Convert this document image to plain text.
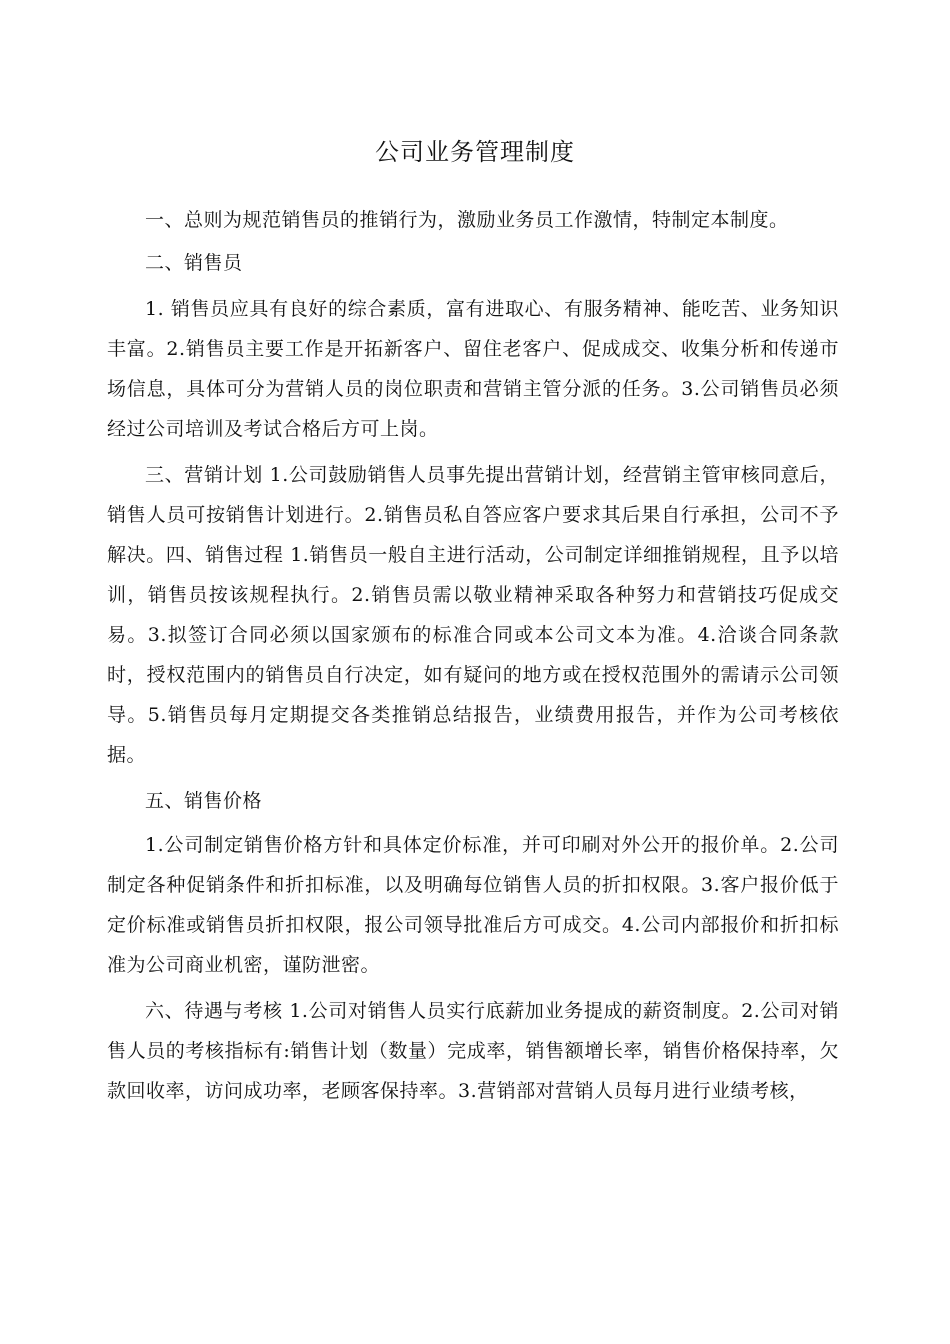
公司业务管理制度

一、总则为规范销售员的推销行为，激励业务员工作激情，特制定本制度。

二、销售员

1. 销售员应具有良好的综合素质，富有进取心、有服务精神、能吃苦、业务知识丰富。2.销售员主要工作是开拓新客户、留住老客户、促成成交、收集分析和传递市场信息，具体可分为营销人员的岗位职责和营销主管分派的任务。3.公司销售员必须经过公司培训及考试合格后方可上岗。

三、营销计划 1.公司鼓励销售人员事先提出营销计划，经营销主管审核同意后，销售人员可按销售计划进行。2.销售员私自答应客户要求其后果自行承担，公司不予解决。四、销售过程 1.销售员一般自主进行活动，公司制定详细推销规程，且予以培训，销售员按该规程执行。2.销售员需以敬业精神采取各种努力和营销技巧促成交易。3.拟签订合同必须以国家颁布的标准合同或本公司文本为准。4.洽谈合同条款时，授权范围内的销售员自行决定，如有疑问的地方或在授权范围外的需请示公司领导。5.销售员每月定期提交各类推销总结报告，业绩费用报告，并作为公司考核依据。

五、销售价格

1.公司制定销售价格方针和具体定价标准，并可印刷对外公开的报价单。2.公司制定各种促销条件和折扣标准，以及明确每位销售人员的折扣权限。3.客户报价低于定价标准或销售员折扣权限，报公司领导批准后方可成交。4.公司内部报价和折扣标准为公司商业机密，谨防泄密。

六、待遇与考核 1.公司对销售人员实行底薪加业务提成的薪资制度。2.公司对销售人员的考核指标有:销售计划（数量）完成率，销售额增长率，销售价格保持率，欠款回收率，访问成功率，老顾客保持率。3.营销部对营销人员每月进行业绩考核，
